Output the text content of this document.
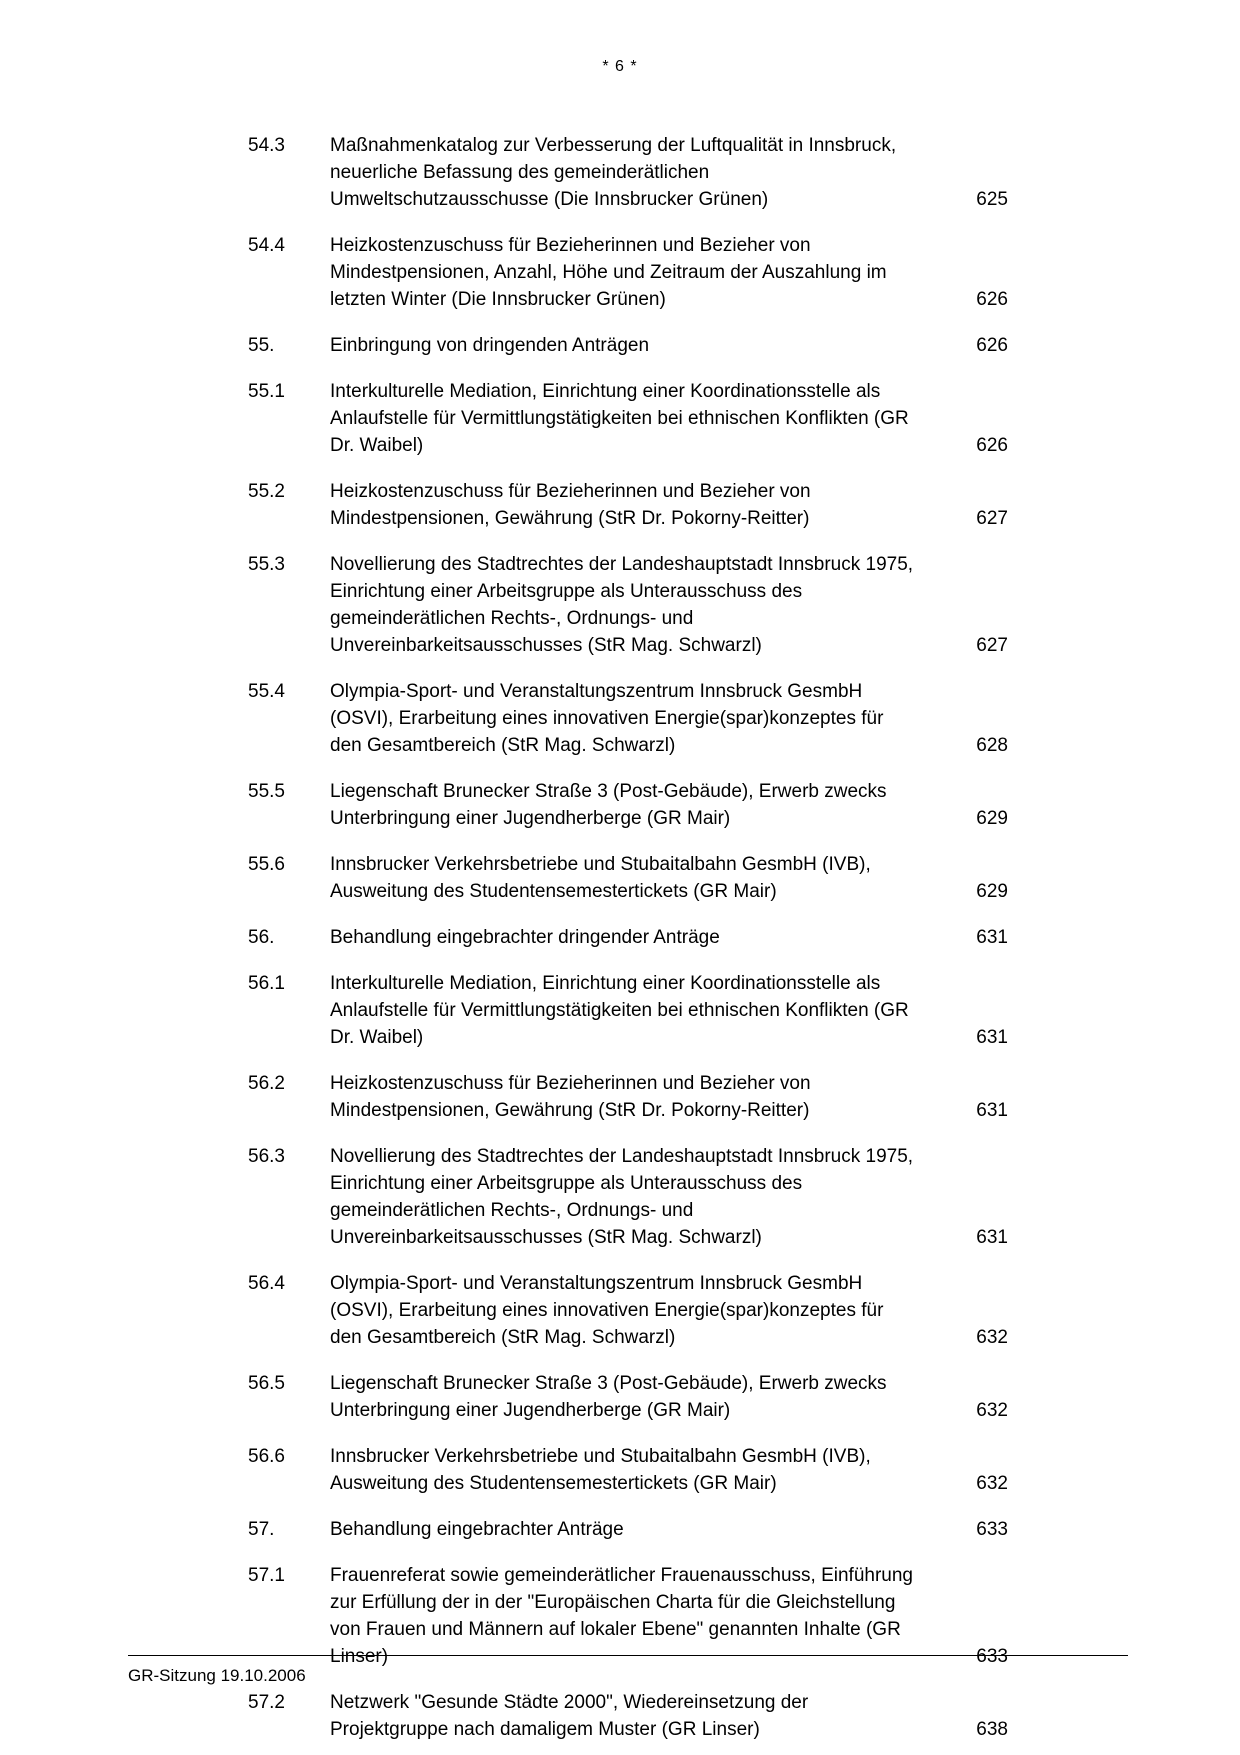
* 6 *
54.3	Maßnahmenkatalog zur Verbesserung der Luftqualität in Innsbruck, neuerliche Befassung des gemeinderätlichen Umweltschutzausschusse (Die Innsbrucker Grünen)	625
54.4	Heizkostenzuschuss für Bezieherinnen und Bezieher von Mindestpensionen, Anzahl, Höhe und Zeitraum der Auszahlung im letzten Winter (Die Innsbrucker Grünen)	626
55.	Einbringung von dringenden Anträgen	626
55.1	Interkulturelle Mediation, Einrichtung einer Koordinationsstelle als Anlaufstelle für Vermittlungstätigkeiten bei ethnischen Konflikten (GR Dr. Waibel)	626
55.2	Heizkostenzuschuss für Bezieherinnen und Bezieher von Mindestpensionen, Gewährung (StR Dr. Pokorny-Reitter)	627
55.3	Novellierung des Stadtrechtes der Landeshauptstadt Innsbruck 1975, Einrichtung einer Arbeitsgruppe als Unterausschuss des gemeinderätlichen Rechts-, Ordnungs- und Unvereinbarkeitsausschusses (StR Mag. Schwarzl)	627
55.4	Olympia-Sport- und Veranstaltungszentrum Innsbruck GesmbH (OSVI), Erarbeitung eines innovativen Energie(spar)konzeptes für den Gesamtbereich (StR Mag. Schwarzl)	628
55.5	Liegenschaft Brunecker Straße 3 (Post-Gebäude), Erwerb zwecks Unterbringung einer Jugendherberge (GR Mair)	629
55.6	Innsbrucker Verkehrsbetriebe und Stubaitalbahn GesmbH (IVB), Ausweitung des Studentensemestertickets (GR Mair)	629
56.	Behandlung eingebrachter dringender Anträge	631
56.1	Interkulturelle Mediation, Einrichtung einer Koordinationsstelle als Anlaufstelle für Vermittlungstätigkeiten bei ethnischen Konflikten (GR Dr. Waibel)	631
56.2	Heizkostenzuschuss für Bezieherinnen und Bezieher von Mindestpensionen, Gewährung (StR Dr. Pokorny-Reitter)	631
56.3	Novellierung des Stadtrechtes der Landeshauptstadt Innsbruck 1975, Einrichtung einer Arbeitsgruppe als Unterausschuss des gemeinderätlichen Rechts-, Ordnungs- und Unvereinbarkeitsausschusses (StR Mag. Schwarzl)	631
56.4	Olympia-Sport- und Veranstaltungszentrum Innsbruck GesmbH (OSVI), Erarbeitung eines innovativen Energie(spar)konzeptes für den Gesamtbereich (StR Mag. Schwarzl)	632
56.5	Liegenschaft Brunecker Straße 3 (Post-Gebäude), Erwerb zwecks Unterbringung einer Jugendherberge (GR Mair)	632
56.6	Innsbrucker Verkehrsbetriebe und Stubaitalbahn GesmbH (IVB), Ausweitung des Studentensemestertickets (GR Mair)	632
57.	Behandlung eingebrachter Anträge	633
57.1	Frauenreferat sowie gemeinderätlicher Frauenausschuss, Einführung zur Erfüllung der in der "Europäischen Charta für die Gleichstellung von Frauen und Männern auf lokaler Ebene" genannten Inhalte (GR Linser)	633
57.2	Netzwerk "Gesunde Städte 2000", Wiedereinsetzung der Projektgruppe nach damaligem Muster (GR Linser)	638
GR-Sitzung 19.10.2006
